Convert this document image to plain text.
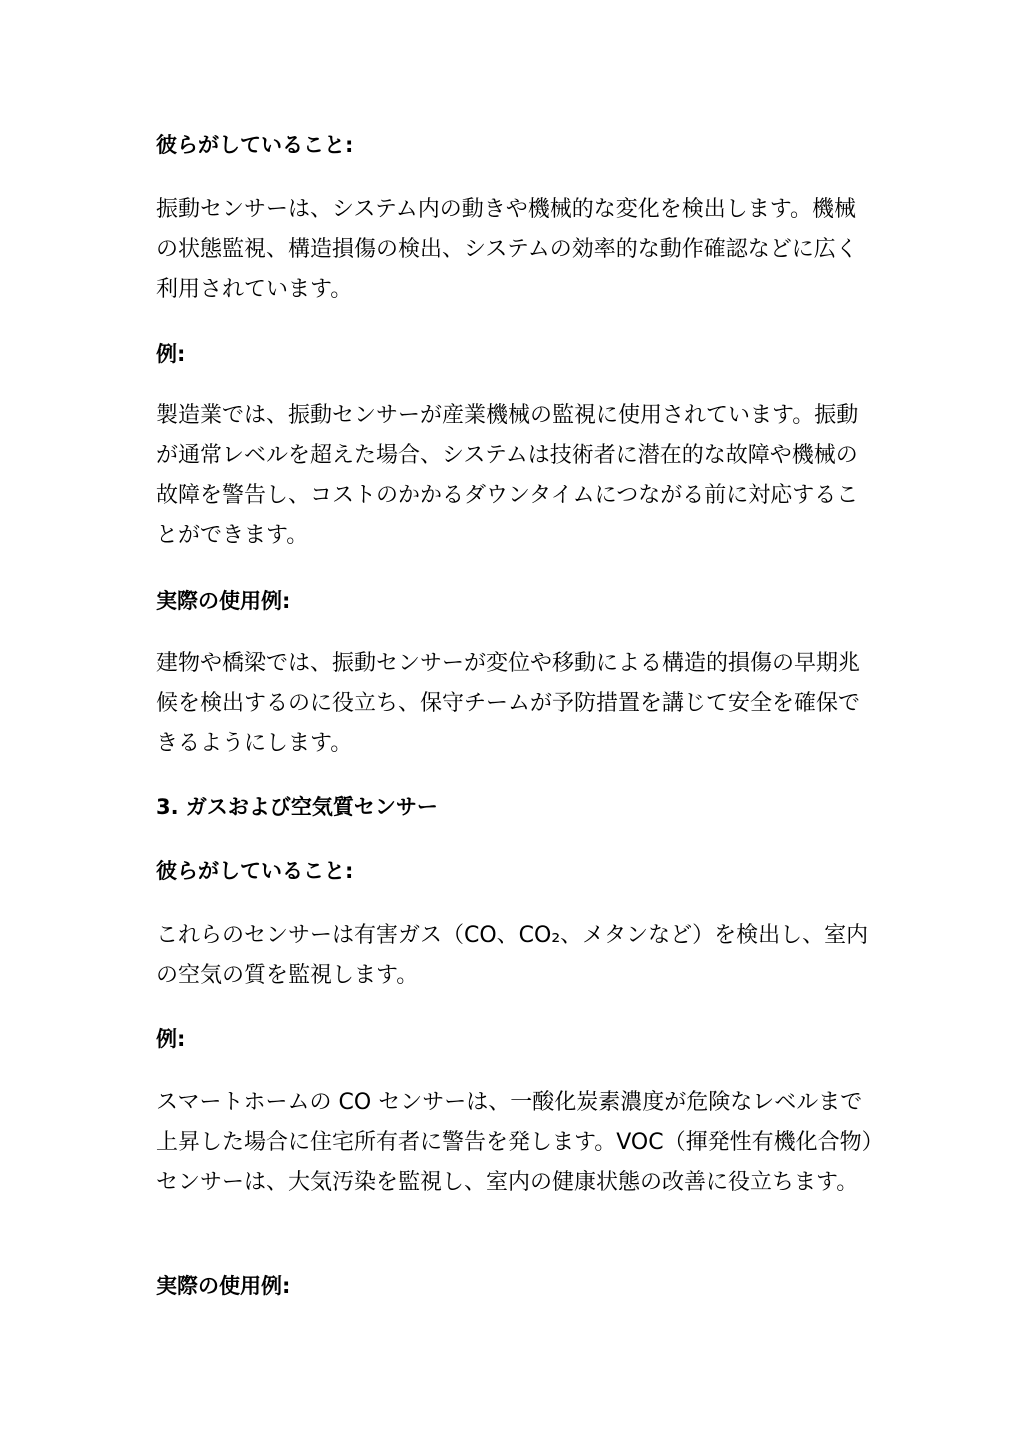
彼らがしていること:

振動センサーは、システム内の動きや機械的な変化を検出します。機械の状態監視、構造損傷の検出、システムの効率的な動作確認などに広く利用されています。

例:

製造業では、振動センサーが産業機械の監視に使用されています。振動が通常レベルを超えた場合、システムは技術者に潜在的な故障や機械の故障を警告し、コストのかかるダウンタイムにつながる前に対応することができます。

実際の使用例:

建物や橋梁では、振動センサーが変位や移動による構造的損傷の早期兆候を検出するのに役立ち、保守チームが予防措置を講じて安全を確保できるようにします。

3. ガスおよび空気質センサー

彼らがしていること:

これらのセンサーは有害ガス（CO、CO₂、メタンなど）を検出し、室内の空気の質を監視します。

例:

スマートホームの CO センサーは、一酸化炭素濃度が危険なレベルまで上昇した場合に住宅所有者に警告を発します。VOC（揮発性有機化合物）センサーは、大気汚染を監視し、室内の健康状態の改善に役立ちます。

実際の使用例:
